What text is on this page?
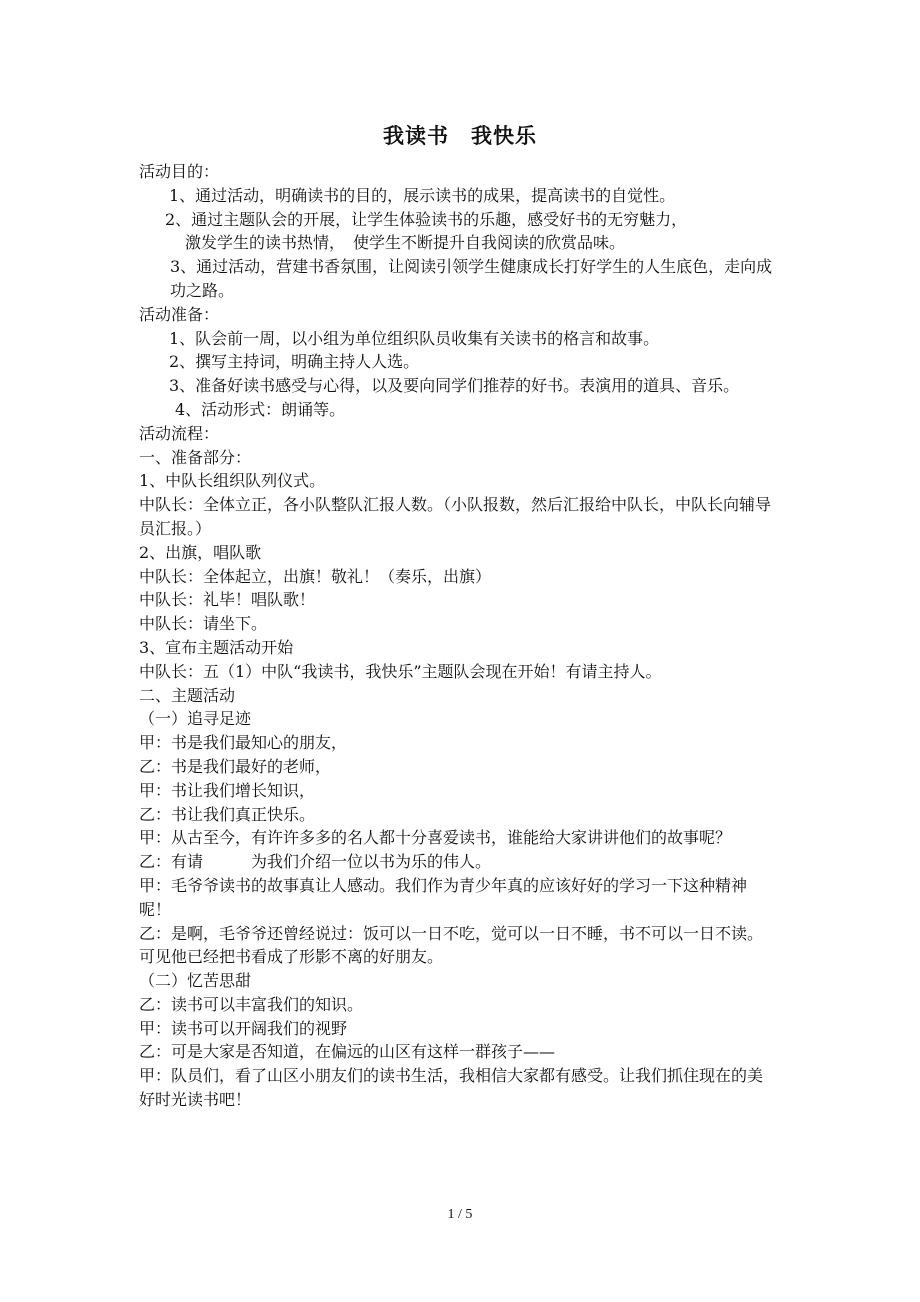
我读书　我快乐

活动目的：

1、通过活动，明确读书的目的，展示读书的成果，提高读书的自觉性。

2、通过主题队会的开展，让学生体验读书的乐趣，感受好书的无穷魅力，

激发学生的读书热情，　使学生不断提升自我阅读的欣赏品味。

3、通过活动，营建书香氛围，让阅读引领学生健康成长打好学生的人生底色，走向成功之路。

活动准备：

1、队会前一周，以小组为单位组织队员收集有关读书的格言和故事。

2、撰写主持词，明确主持人人选。

3、准备好读书感受与心得，以及要向同学们推荐的好书。表演用的道具、音乐。

4、活动形式：朗诵等。

活动流程：

一、准备部分：

1、中队长组织队列仪式。

中队长：全体立正，各小队整队汇报人数。（小队报数，然后汇报给中队长，中队长向辅导员汇报。）

2、出旗，唱队歌

中队长：全体起立，出旗！敬礼！（奏乐，出旗）

中队长：礼毕！唱队歌！

中队长：请坐下。

3、宣布主题活动开始

中队长：五（1）中队“我读书，我快乐”主题队会现在开始！有请主持人。

二、主题活动

（一）追寻足迹

甲：书是我们最知心的朋友，

乙：书是我们最好的老师，

甲：书让我们增长知识，

乙：书让我们真正快乐。

甲：从古至今，有许许多多的名人都十分喜爱读书，谁能给大家讲讲他们的故事呢？

乙：有请　　　为我们介绍一位以书为乐的伟人。

甲：毛爷爷读书的故事真让人感动。我们作为青少年真的应该好好的学习一下这种精神呢！

乙：是啊，毛爷爷还曾经说过：饭可以一日不吃，觉可以一日不睡，书不可以一日不读。可见他已经把书看成了形影不离的好朋友。

（二）忆苦思甜

乙：读书可以丰富我们的知识。

甲：读书可以开阔我们的视野

乙：可是大家是否知道，在偏远的山区有这样一群孩子——

甲：队员们，看了山区小朋友们的读书生活，我相信大家都有感受。让我们抓住现在的美好时光读书吧！

1 / 5
